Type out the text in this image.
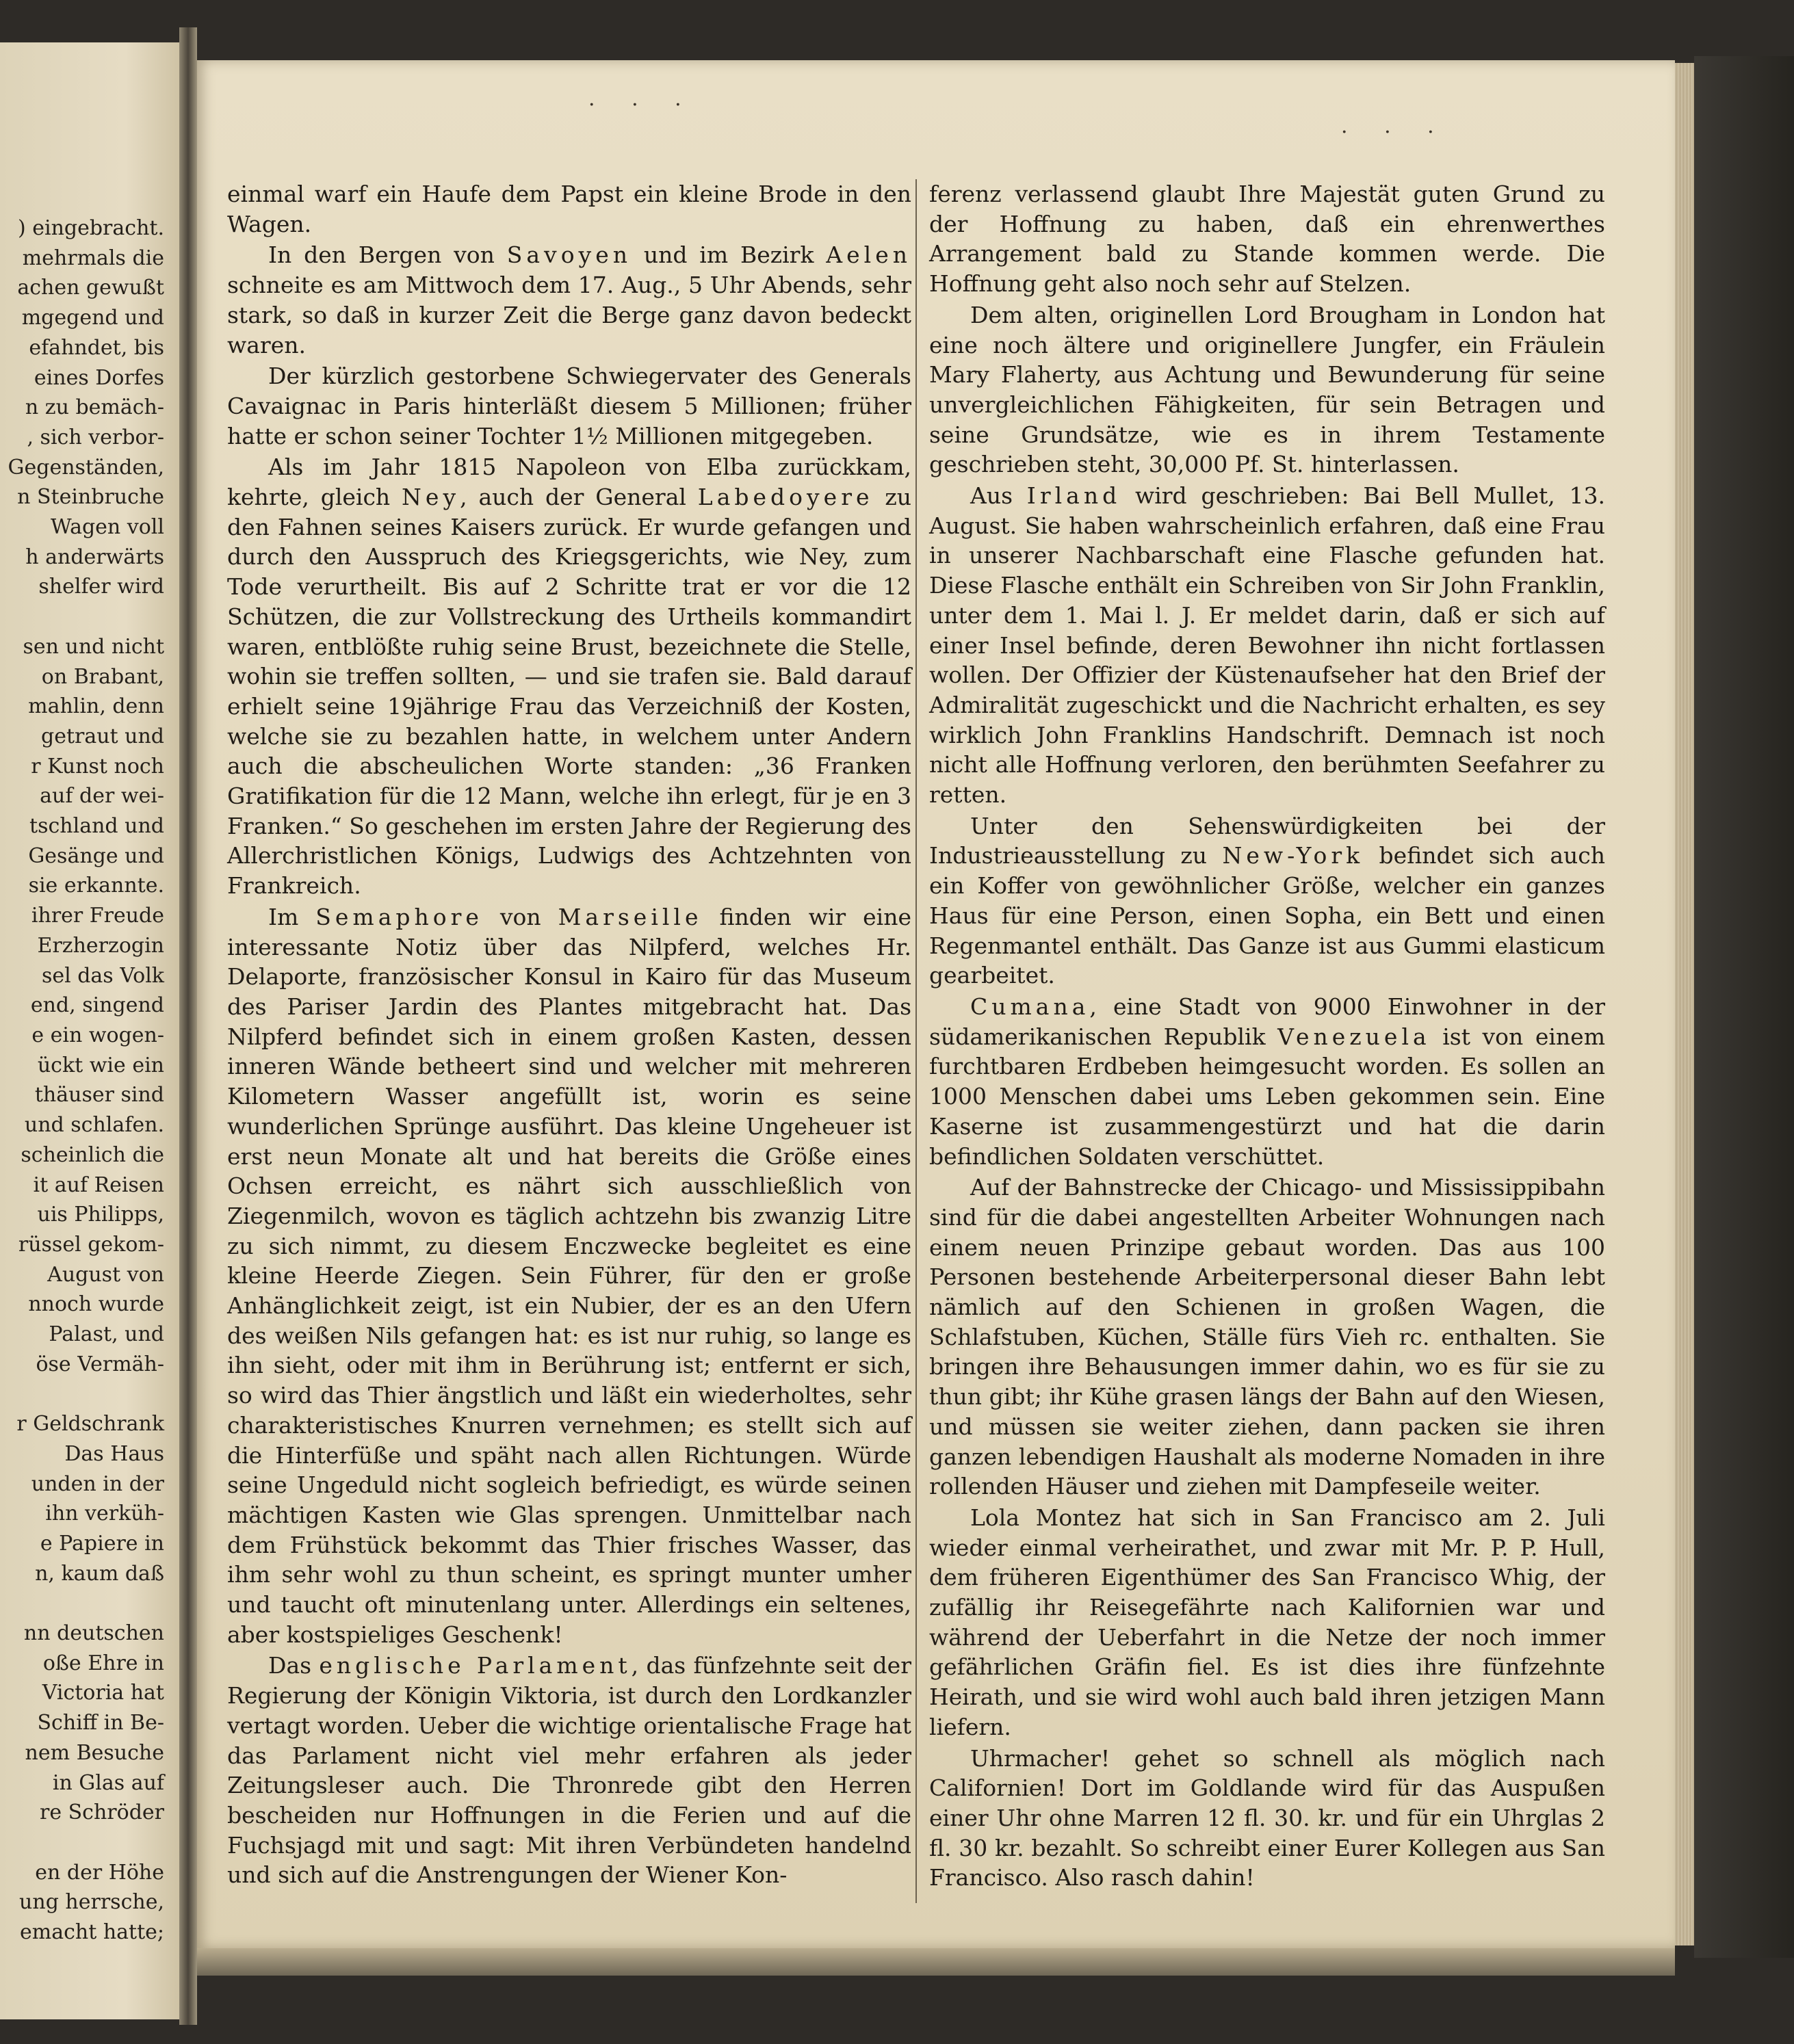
) eingebracht.
mehrmals die
achen gewußt
mgegend und
efahndet, bis
eines Dorfes
n zu bemäch-
, sich verbor-
Gegenständen,
n Steinbruche
Wagen voll
h anderwärts
shelfer wird

sen und nicht
on Brabant,
mahlin, denn
getraut und
r Kunst noch
auf der wei-
tschland und
Gesänge und
sie erkannte.
ihrer Freude
Erzherzogin
sel das Volk
end, singend
e ein wogen-
ückt wie ein
thäuser sind
und schlafen.
scheinlich die
it auf Reisen
uis Philipps,
rüssel gekom-
August von
nnoch wurde
Palast, und
öse Vermäh-

r Geldschrank
Das Haus
unden in der
ihn verküh-
e Papiere in
n, kaum daß

nn deutschen
oße Ehre in
Victoria hat
Schiff in Be-
nem Besuche
in Glas auf
re Schröder

en der Höhe
ung herrsche,
emacht hatte;
· · ·
· · ·

einmal warf ein Haufe dem Papst ein kleine Brode in den Wagen.

In den Bergen von Savoyen und im Bezirk Aelen schneite es am Mittwoch dem 17. Aug., 5 Uhr Abends, sehr stark, so daß in kurzer Zeit die Berge ganz davon bedeckt waren.

Der kürzlich gestorbene Schwiegervater des Generals Cavaignac in Paris hinterläßt diesem 5 Millionen; früher hatte er schon seiner Tochter 1½ Millionen mitgegeben.

Als im Jahr 1815 Napoleon von Elba zurückkam, kehrte, gleich Ney, auch der General Labedoyere zu den Fahnen seines Kaisers zurück. Er wurde gefangen und durch den Ausspruch des Kriegsgerichts, wie Ney, zum Tode verurtheilt. Bis auf 2 Schritte trat er vor die 12 Schützen, die zur Vollstreckung des Urtheils kommandirt waren, entblößte ruhig seine Brust, bezeichnete die Stelle, wohin sie treffen sollten, — und sie trafen sie. Bald darauf erhielt seine 19jährige Frau das Verzeichniß der Kosten, welche sie zu bezahlen hatte, in welchem unter Andern auch die abscheulichen Worte standen: „36 Franken Gratifikation für die 12 Mann, welche ihn erlegt, für je en 3 Franken.“ So geschehen im ersten Jahre der Regierung des Allerchristlichen Königs, Ludwigs des Achtzehnten von Frankreich.

Im Semaphore von Marseille finden wir eine interessante Notiz über das Nilpferd, welches Hr. Delaporte, französischer Konsul in Kairo für das Museum des Pariser Jardin des Plantes mitgebracht hat. Das Nilpferd befindet sich in einem großen Kasten, dessen inneren Wände betheert sind und welcher mit mehreren Kilometern Wasser angefüllt ist, worin es seine wunderlichen Sprünge ausführt. Das kleine Ungeheuer ist erst neun Monate alt und hat bereits die Größe eines Ochsen erreicht, es nährt sich ausschließlich von Ziegenmilch, wovon es täglich achtzehn bis zwanzig Litre zu sich nimmt, zu diesem Enczwecke begleitet es eine kleine Heerde Ziegen. Sein Führer, für den er große Anhänglichkeit zeigt, ist ein Nubier, der es an den Ufern des weißen Nils gefangen hat: es ist nur ruhig, so lange es ihn sieht, oder mit ihm in Berührung ist; entfernt er sich, so wird das Thier ängstlich und läßt ein wiederholtes, sehr charakteristisches Knurren vernehmen; es stellt sich auf die Hinterfüße und späht nach allen Richtungen. Würde seine Ungeduld nicht sogleich befriedigt, es würde seinen mächtigen Kasten wie Glas sprengen. Unmittelbar nach dem Frühstück bekommt das Thier frisches Wasser, das ihm sehr wohl zu thun scheint, es springt munter umher und taucht oft minutenlang unter. Allerdings ein seltenes, aber kostspieliges Geschenk!

Das englische Parlament, das fünfzehnte seit der Regierung der Königin Viktoria, ist durch den Lordkanzler vertagt worden. Ueber die wichtige orientalische Frage hat das Parlament nicht viel mehr erfahren als jeder Zeitungsleser auch. Die Thronrede gibt den Herren bescheiden nur Hoffnungen in die Ferien und auf die Fuchsjagd mit und sagt: Mit ihren Verbündeten handelnd und sich auf die Anstrengungen der Wiener Kon-

ferenz verlassend glaubt Ihre Majestät guten Grund zu der Hoffnung zu haben, daß ein ehrenwerthes Arrangement bald zu Stande kommen werde. Die Hoffnung geht also noch sehr auf Stelzen.

Dem alten, originellen Lord Brougham in London hat eine noch ältere und originellere Jungfer, ein Fräulein Mary Flaherty, aus Achtung und Bewunderung für seine unvergleichlichen Fähigkeiten, für sein Betragen und seine Grundsätze, wie es in ihrem Testamente geschrieben steht, 30,000 Pf. St. hinterlassen.

Aus Irland wird geschrieben: Bai Bell Mullet, 13. August. Sie haben wahrscheinlich erfahren, daß eine Frau in unserer Nachbarschaft eine Flasche gefunden hat. Diese Flasche enthält ein Schreiben von Sir John Franklin, unter dem 1. Mai l. J. Er meldet darin, daß er sich auf einer Insel befinde, deren Bewohner ihn nicht fortlassen wollen. Der Offizier der Küstenaufseher hat den Brief der Admiralität zugeschickt und die Nachricht erhalten, es sey wirklich John Franklins Handschrift. Demnach ist noch nicht alle Hoffnung verloren, den berühmten Seefahrer zu retten.

Unter den Sehenswürdigkeiten bei der Industrieausstellung zu New-York befindet sich auch ein Koffer von gewöhnlicher Größe, welcher ein ganzes Haus für eine Person, einen Sopha, ein Bett und einen Regenmantel enthält. Das Ganze ist aus Gummi elasticum gearbeitet.

Cumana, eine Stadt von 9000 Einwohner in der südamerikanischen Republik Venezuela ist von einem furchtbaren Erdbeben heimgesucht worden. Es sollen an 1000 Menschen dabei ums Leben gekommen sein. Eine Kaserne ist zusammengestürzt und hat die darin befindlichen Soldaten verschüttet.

Auf der Bahnstrecke der Chicago- und Mississippibahn sind für die dabei angestellten Arbeiter Wohnungen nach einem neuen Prinzipe gebaut worden. Das aus 100 Personen bestehende Arbeiterpersonal dieser Bahn lebt nämlich auf den Schienen in großen Wagen, die Schlafstuben, Küchen, Ställe fürs Vieh rc. enthalten. Sie bringen ihre Behausungen immer dahin, wo es für sie zu thun gibt; ihr Kühe grasen längs der Bahn auf den Wiesen, und müssen sie weiter ziehen, dann packen sie ihren ganzen lebendigen Haushalt als moderne Nomaden in ihre rollenden Häuser und ziehen mit Dampfeseile weiter.

Lola Montez hat sich in San Francisco am 2. Juli wieder einmal verheirathet, und zwar mit Mr. P. P. Hull, dem früheren Eigenthümer des San Francisco Whig, der zufällig ihr Reisegefährte nach Kalifornien war und während der Ueberfahrt in die Netze der noch immer gefährlichen Gräfin fiel. Es ist dies ihre fünfzehnte Heirath, und sie wird wohl auch bald ihren jetzigen Mann liefern.

Uhrmacher! gehet so schnell als möglich nach Californien! Dort im Goldlande wird für das Auspußen einer Uhr ohne Marren 12 fl. 30. kr. und für ein Uhrglas 2 fl. 30 kr. bezahlt. So schreibt einer Eurer Kollegen aus San Francisco. Also rasch dahin!
